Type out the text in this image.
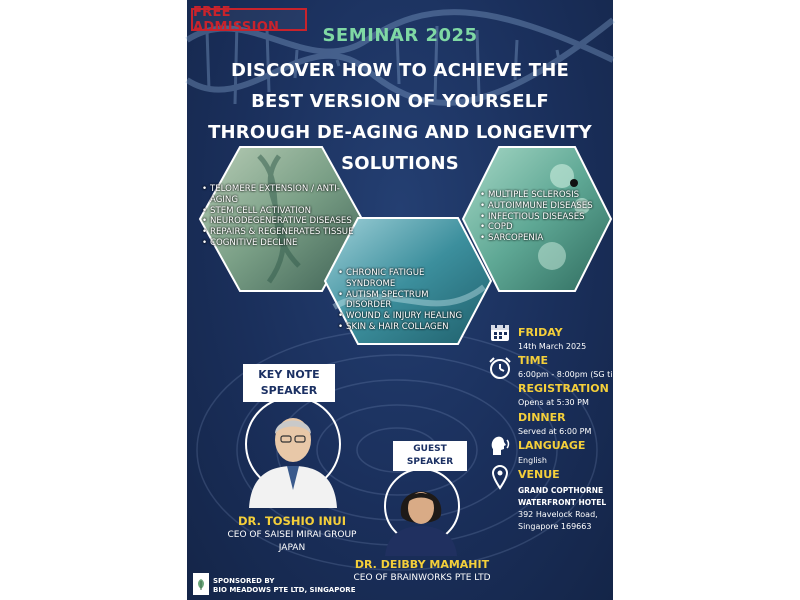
FREE ADMISSION	SEMINAR 2025
DISCOVER HOW TO ACHIEVE THE
BEST VERSION OF YOURSELF
THROUGH DE-AGING AND LONGEVITY
SOLUTIONS
• TELOMERE EXTENSION / ANTI-AGING
• STEM CELL ACTIVATION
• NEURODEGENERATIVE DISEASES
• REPAIRS & REGENERATES TISSUE
• COGNITIVE DECLINE
• CHRONIC FATIGUE SYNDROME
• AUTISM SPECTRUM DISORDER
• WOUND & INJURY HEALING
• SKIN & HAIR COLLAGEN
• MULTIPLE SCLEROSIS
• AUTOIMMUNE DISEASES
• INFECTIOUS DISEASES
• COPD
• SARCOPENIA
KEY NOTE
SPEAKER
DR. TOSHIO INUI
CEO OF SAISEI MIRAI GROUP
JAPAN
GUEST
SPEAKER
DR. DEIBBY MAMAHIT
CEO OF BRAINWORKS PTE LTD
FRIDAY
14th March 2025
TIME
6:00pm - 8:00pm (SG time)
REGISTRATION
Opens at 5:30 PM
DINNER
Served at 6:00 PM
LANGUAGE
English
VENUE
GRAND COPTHORNE
WATERFRONT HOTEL
392 Havelock Road,
Singapore 169663
SPONSORED BY
BIO MEADOWS PTE LTD, SINGAPORE
